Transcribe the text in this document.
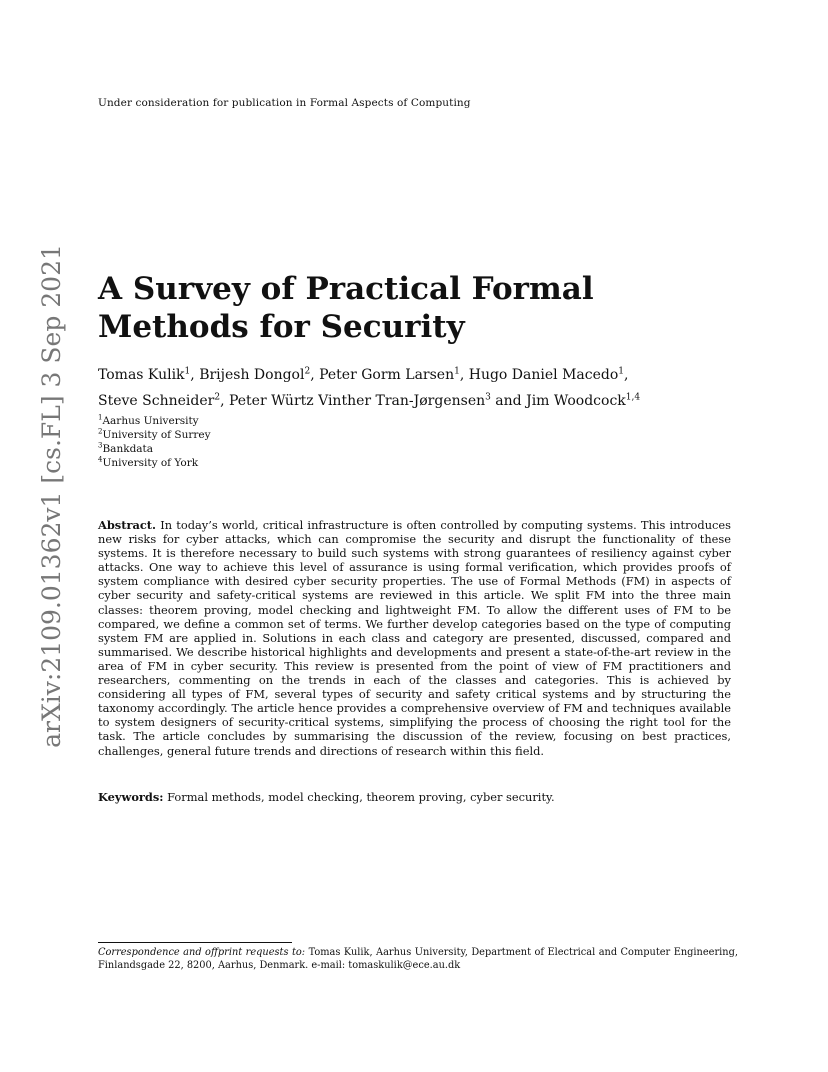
Under consideration for publication in Formal Aspects of Computing
arXiv:2109.01362v1 [cs.FL] 3 Sep 2021 A Survey of Practical Formal
Methods for Security
Tomas Kulik$^1$, Brijesh Dongol$^2$, Peter Gorm Larsen$^1$, Hugo Daniel Macedo$^1$,
Steve Schneider$^2$, Peter Würtz Vinther Tran-Jørgensen$^3$ and Jim Woodcock$^{1,4}$
$^1$Aarhus University
$^2$University of Surrey
$^3$Bankdata
$^4$University of York

Abstract. In today’s world, critical infrastructure is often controlled by computing systems. This introduces new risks for cyber attacks, which can compromise the security and disrupt the functionality of these systems. It is therefore necessary to build such systems with strong guarantees of resiliency against cyber attacks. One way to achieve this level of assurance is using formal verification, which provides proofs of system compliance with desired cyber security properties. The use of Formal Methods (FM) in aspects of cyber security and safety-critical systems are reviewed in this article. We split FM into the three main classes: theorem proving, model checking and lightweight FM. To allow the different uses of FM to be compared, we define a common set of terms. We further develop categories based on the type of computing system FM are applied in. Solutions in each class and category are presented, discussed, compared and summarised. We describe historical highlights and developments and present a state-of-the-art review in the area of FM in cyber security. This review is presented from the point of view of FM practitioners and researchers, commenting on the trends in each of the classes and categories. This is achieved by considering all types of FM, several types of security and safety critical systems and by structuring the taxonomy accordingly. The article hence provides a comprehensive overview of FM and techniques available to system designers of security-critical systems, simplifying the process of choosing the right tool for the task. The article concludes by summarising the discussion of the review, focusing on best practices, challenges, general future trends and directions of research within this field.

Keywords: Formal methods, model checking, theorem proving, cyber security.
Correspondence and offprint requests to: Tomas Kulik, Aarhus University, Department of Electrical and Computer Engineering, Finlandsgade 22, 8200, Aarhus, Denmark. e-mail: tomaskulik@ece.au.dk
